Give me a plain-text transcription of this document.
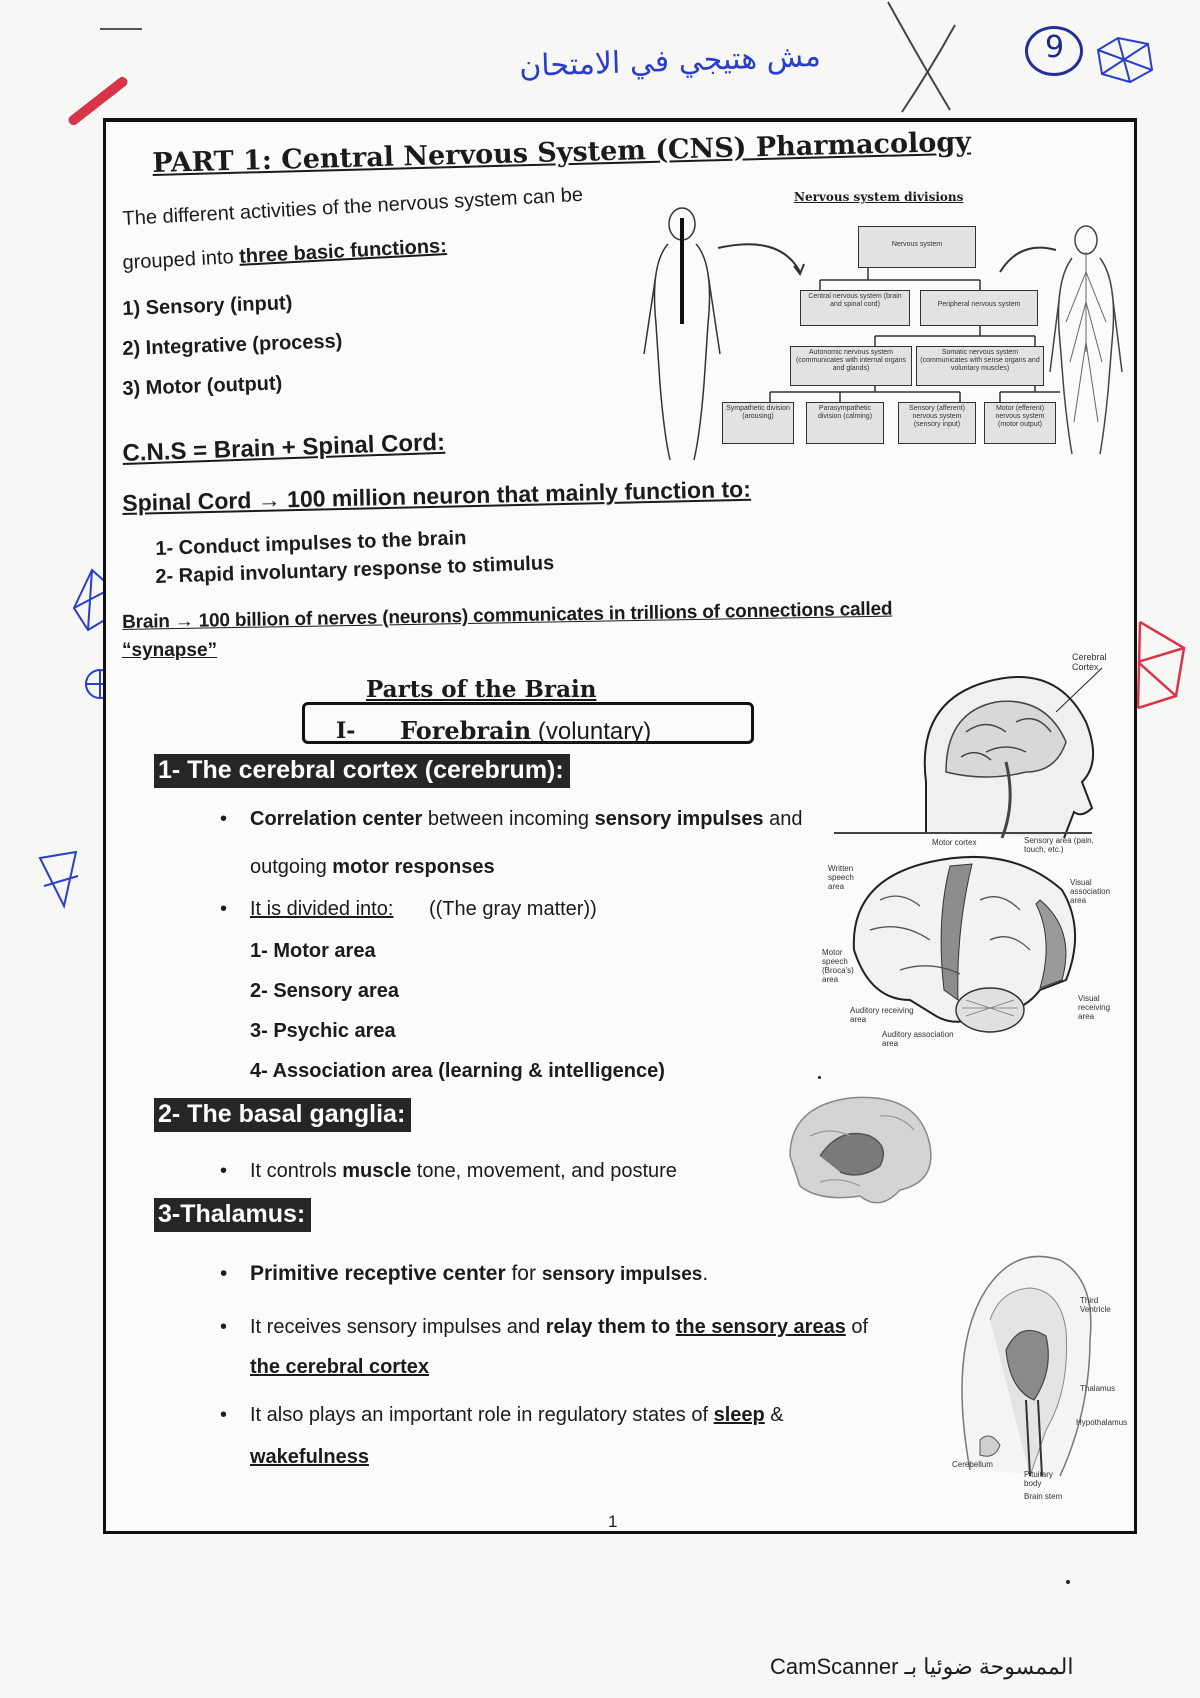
مش هتيجي في الامتحان	9
PART 1: Central Nervous System (CNS) Pharmacology
The different activities of the nervous system can be
grouped into three basic functions:
1) Sensory (input)
2) Integrative (process)
3) Motor (output)
C.N.S = Brain + Spinal Cord:
Spinal Cord → 100 million neuron that mainly function to:
1- Conduct impulses to the brain
2- Rapid involuntary response to stimulus
Brain → 100 billion of nerves (neurons) communicates in trillions of connections called
“synapse”
Parts of the Brain
I- Forebrain (voluntary)
1- The cerebral cortex (cerebrum):
Correlation center between incoming sensory impulses and
outgoing motor responses
It is divided into: ((The gray matter))
1- Motor area
2- Sensory area
3- Psychic area
4- Association area (learning & intelligence)
2- The basal ganglia:
It controls muscle tone, movement, and posture
3-Thalamus:
Primitive receptive center for sensory impulses.
It receives sensory impulses and relay them to the sensory areas of
the cerebral cortex
It also plays an important role in regulatory states of sleep &
wakefulness
1
Nervous system divisions
Nervous system
Central nervous system (brain and spinal cord)	Peripheral nervous system
Autonomic nervous system (communicates with internal organs and glands)
Somatic nervous system (communicates with sense organs and voluntary muscles)
Sympathetic division (arousing)
Parasympathetic division (calming)
Sensory (afferent) nervous system (sensory input)
Motor (efferent) nervous system (motor output)
Cerebral Cortex
Motor cortex	Sensory area (pain, touch, etc.)
Written speech area	Visual association area
Motor speech (Broca's) area
Auditory receiving area
Auditory association area
Visual receiving area
Third Ventricle
Thalamus
Hypothalamus
Cerebellum
Pituitary body
Brain stem
CamScanner الممسوحة ضوئيا بـ
